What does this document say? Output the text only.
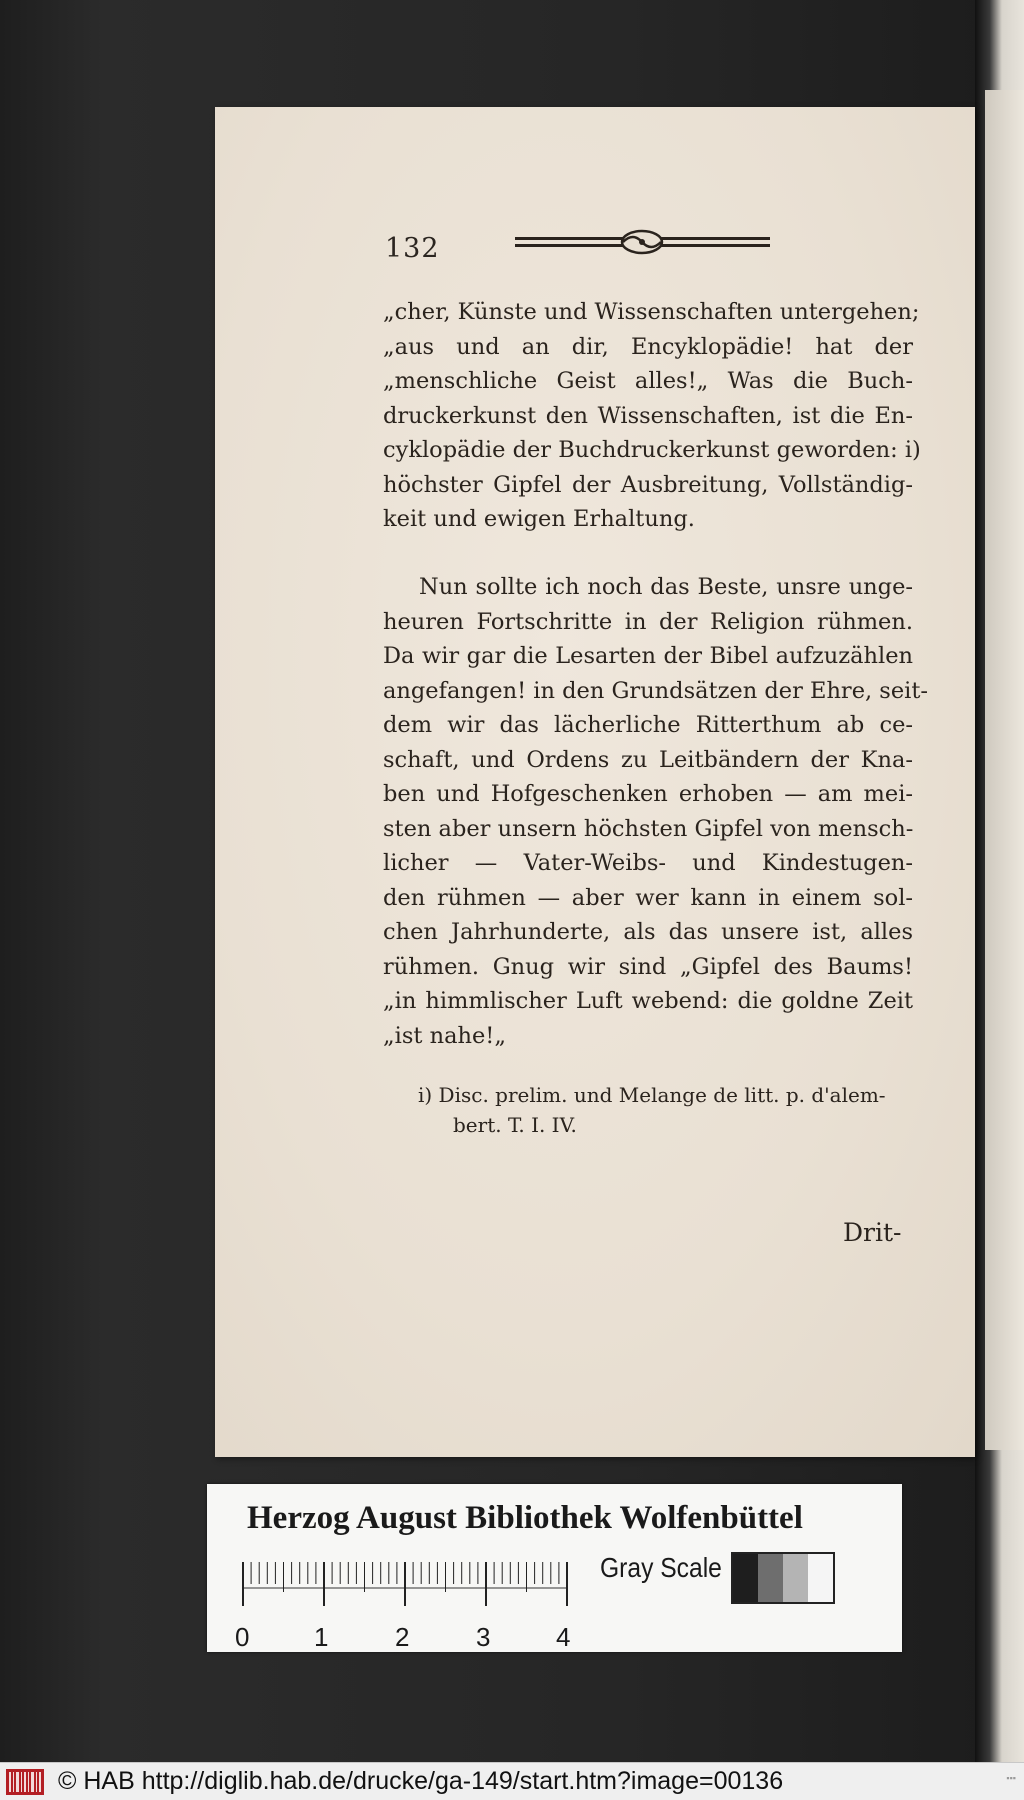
132
„cher, Künste und Wissenschaften untergehen;
„aus und an dir, Encyklopädie! hat der
„menschliche Geist alles!„ Was die Buch-
druckerkunst den Wissenschaften, ist die En-
cyklopädie der Buchdruckerkunst geworden: i)
höchster Gipfel der Ausbreitung, Vollständig-
keit und ewigen Erhaltung.
Nun sollte ich noch das Beste, unsre unge-
heuren Fortschritte in der Religion rühmen.
Da wir gar die Lesarten der Bibel aufzuzählen
angefangen! in den Grundsätzen der Ehre, seit-
dem wir das lächerliche Ritterthum ab ce-
schaft, und Ordens zu Leitbändern der Kna-
ben und Hofgeschenken erhoben — am mei-
sten aber unsern höchsten Gipfel von mensch-
licher — Vater-Weibs- und Kindestugen-
den rühmen — aber wer kann in einem sol-
chen Jahrhunderte, als das unsere ist, alles
rühmen. Gnug wir sind „Gipfel des Baums!
„in himmlischer Luft webend: die goldne Zeit
„ist nahe!„
i) Disc. prelim. und Melange de litt. p. d'alem-
bert. T. I. IV.
Drit-
Herzog August Bibliothek Wolfenbüttel
0 1	2	3	4
Gray Scale
© HAB http://diglib.hab.de/drucke/ga-149/start.htm?image=00136	▪▪▪
